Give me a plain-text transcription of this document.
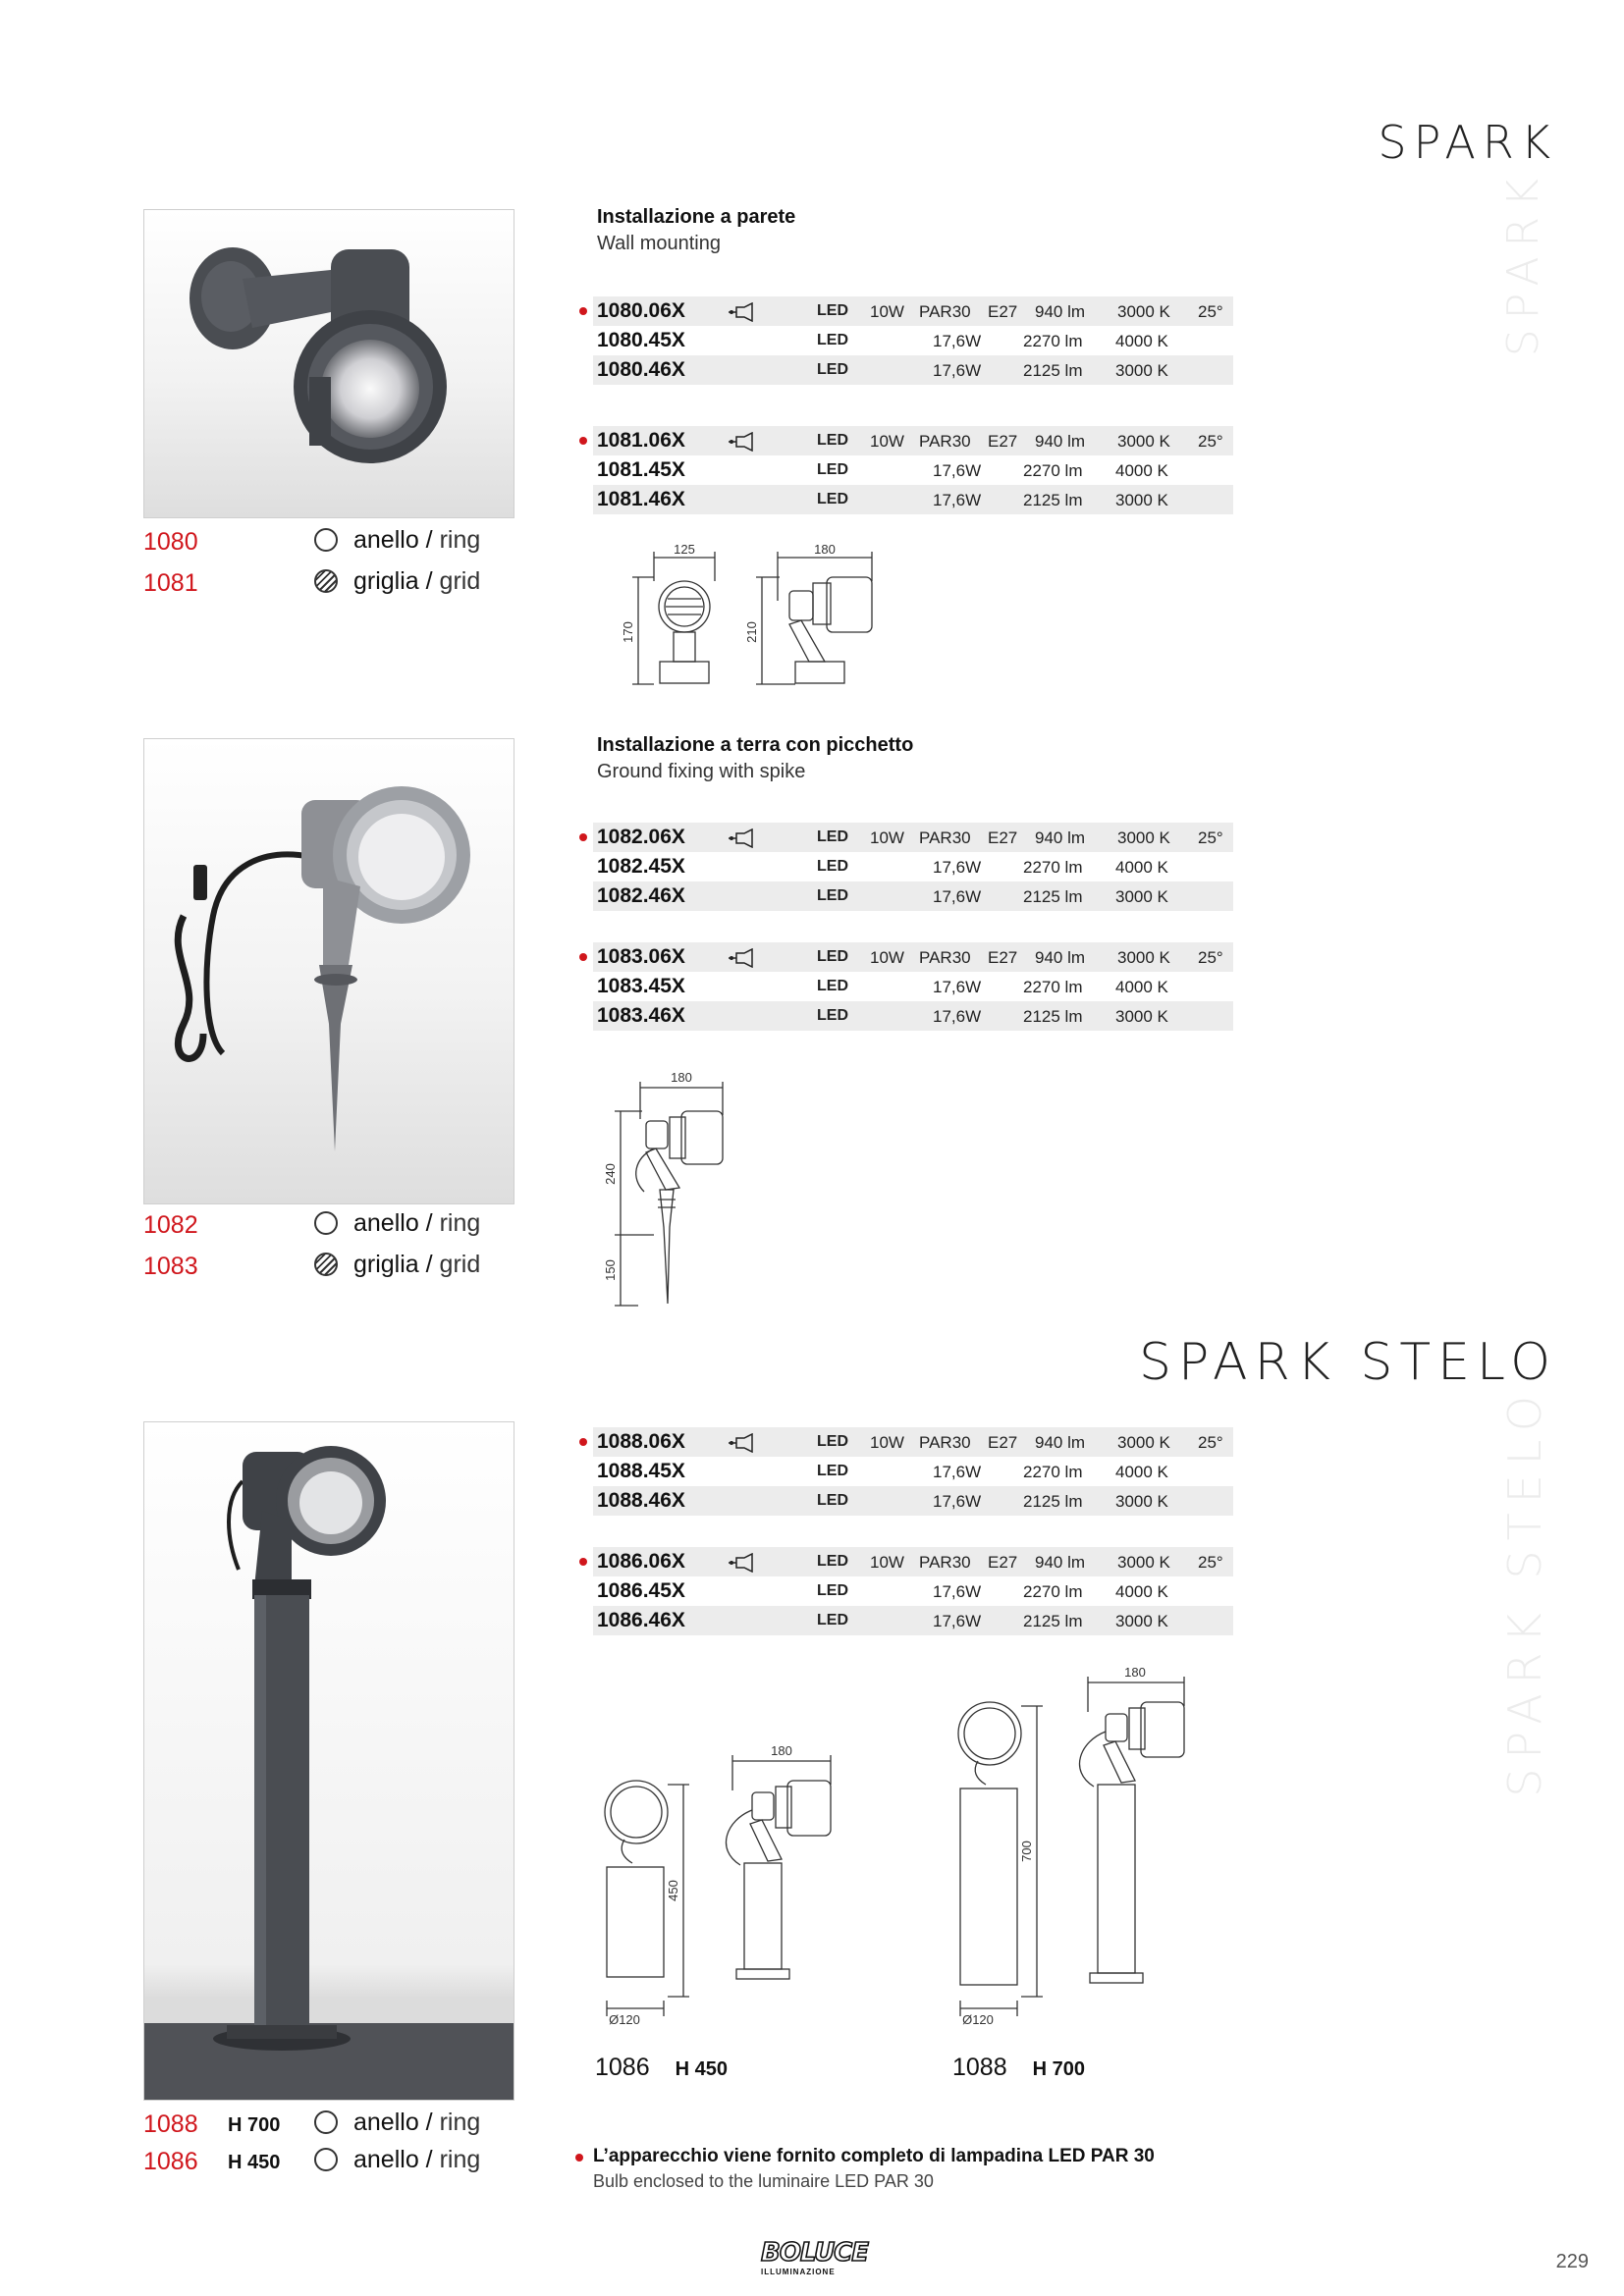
SPARK
SPARK
SPARK STELO
SPARK STELO
1080	anello / ring
1081	griglia / grid
Installazione a parete
Wall mounting
1080.06X	LED 10W PAR30 E27 940 lm 3000 K 25°
1080.45X	LED	17,6W	2270 lm 4000 K
1080.46X	LED	17,6W	2125 lm 3000 K
1081.06X	LED 10W PAR30 E27 940 lm 3000 K 25°
1081.45X	LED	17,6W	2270 lm 4000 K
1081.46X	LED	17,6W	2125 lm 3000 K
125
170
180
210
1082	anello / ring
1083	griglia / grid
Installazione a terra con picchetto
Ground fixing with spike
1082.06X	LED 10W PAR30 E27 940 lm 3000 K 25°
1082.45X	LED	17,6W	2270 lm 4000 K
1082.46X	LED	17,6W	2125 lm 3000 K
1083.06X	LED 10W PAR30 E27 940 lm 3000 K 25°
1083.45X	LED	17,6W	2270 lm 4000 K
1083.46X	LED	17,6W	2125 lm 3000 K
180
240
150
1088 H 700	anello / ring
1086 H 450	anello / ring
1088.06X	LED 10W PAR30 E27 940 lm 3000 K 25°
1088.45X	LED	17,6W	2270 lm 4000 K
1088.46X	LED	17,6W	2125 lm 3000 K
1086.06X	LED 10W PAR30 E27 940 lm 3000 K 25°
1086.45X	LED	17,6W	2270 lm 4000 K
1086.46X	LED	17,6W	2125 lm 3000 K
180
450
Ø120
180
700
Ø120
1086 H 450	1088 H 700
L’apparecchio viene fornito completo di lampadina LED PAR 30
Bulb enclosed to the luminaire LED PAR 30
BOLUCE
ILLUMINAZIONE	229
